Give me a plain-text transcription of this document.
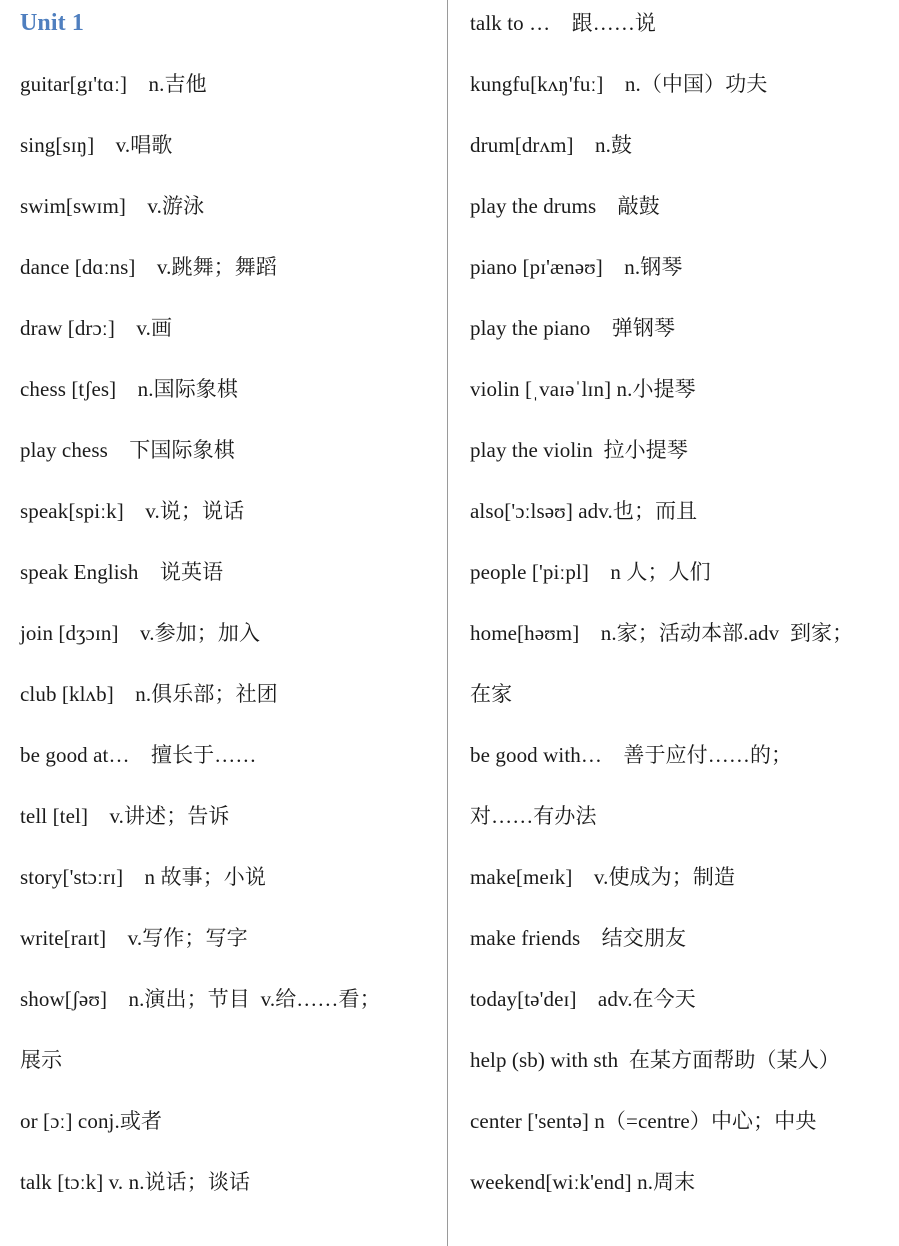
Unit 1
guitar[gɪ'tɑː]    n.吉他
sing[sɪŋ]    v.唱歌
swim[swɪm]    v.游泳
dance [dɑːns]    v.跳舞；舞蹈
draw [drɔː]    v.画
chess [tʃes]    n.国际象棋
play chess    下国际象棋
speak[spiːk]    v.说；说话
speak English    说英语
join [dʒɔɪn]    v.参加；加入
club [klʌb]    n.俱乐部；社团
be good at…    擅长于……
tell [tel]    v.讲述；告诉
story['stɔːrɪ]    n 故事；小说
write[raɪt]    v.写作；写字
show[ʃəʊ]    n.演出；节目  v.给……看；
展示
or [ɔː] conj.或者
talk [tɔːk] v. n.说话；谈话
talk to …    跟……说
kungfu[kʌŋ'fuː]    n.（中国）功夫
drum[drʌm]    n.鼓
play the drums    敲鼓
piano [pɪ'ænəʊ]    n.钢琴
play the piano    弹钢琴
violin [ˌvaɪəˈlɪn] n.小提琴
play the violin  拉小提琴
also['ɔːlsəʊ] adv.也；而且
people ['piːpl]    n 人；人们
home[həʊm]    n.家；活动本部.adv  到家；
在家
be good with…    善于应付……的；
对……有办法
make[meɪk]    v.使成为；制造
make friends    结交朋友
today[tə'deɪ]    adv.在今天
help (sb) with sth  在某方面帮助（某人）
center ['sentə] n（=centre）中心；中央
weekend[wiːk'end] n.周末
